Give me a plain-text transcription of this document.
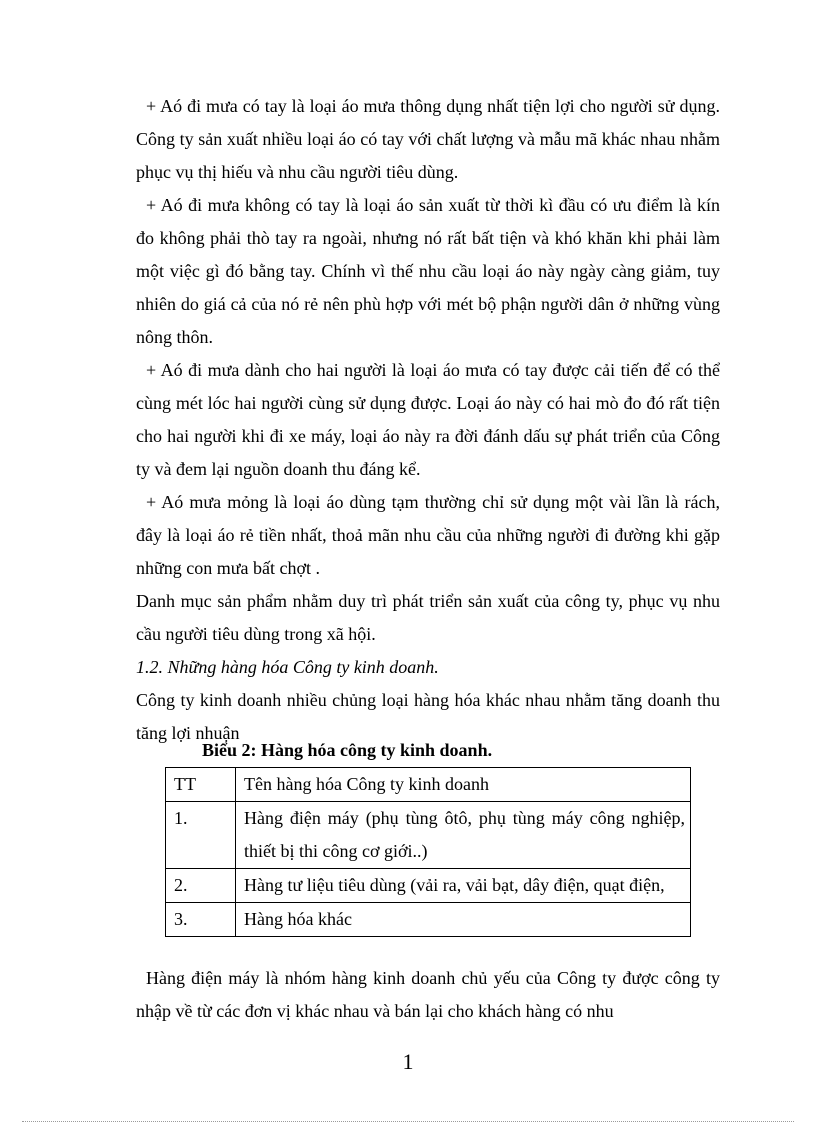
+ Aó đi mưa có tay là loại áo mưa thông dụng nhất tiện lợi cho người sử dụng. Công ty sản xuất nhiều loại áo có tay với chất lượng và mẫu mã khác nhau nhằm phục vụ thị hiếu và nhu cầu người tiêu dùng.

+ Aó đi mưa không có tay là loại áo sản xuất từ thời kì đầu có ưu điểm là kín đo không phải thò tay ra ngoài, nhưng nó rất bất tiện và khó khăn khi phải làm một việc gì đó bằng tay. Chính vì thế nhu cầu loại áo này ngày càng giảm, tuy nhiên do giá cả của nó rẻ nên phù hợp với mét bộ phận người dân ở những vùng nông thôn.

+ Aó đi mưa dành cho hai người là loại áo mưa có tay được cải tiến để có thể cùng mét lóc hai người cùng sử dụng được. Loại áo này có hai mò đo đó rất tiện cho hai người khi đi xe máy, loại áo này ra đời đánh dấu sự phát triển của Công ty và đem lại nguồn doanh thu đáng kể.

+ Aó mưa mỏng là loại áo dùng tạm thường chỉ sử dụng một vài lần là rách, đây là loại áo rẻ tiền nhất, thoả mãn nhu cầu của những người đi đường khi gặp những con mưa bất chợt .

Danh mục sản phẩm nhằm duy trì phát triển sản xuất của công ty, phục vụ nhu cầu người tiêu dùng trong xã hội.

1.2. Những hàng hóa Công ty kinh doanh.

Công ty kinh doanh nhiều chủng loại hàng hóa khác nhau nhằm tăng doanh thu tăng lợi nhuận

Biểu 2: Hàng hóa công ty kinh doanh.
TT	Tên hàng hóa Công ty kinh doanh
1.	Hàng điện máy (phụ tùng ôtô, phụ tùng máy công nghiệp, thiết bị thi công cơ giới..)
2.	Hàng tư liệu tiêu dùng (vải ra, vải bạt, dây điện, quạt điện,
3.	Hàng hóa khác

Hàng điện máy là nhóm hàng kinh doanh chủ yếu của Công ty được công ty nhập về từ các đơn vị khác nhau và bán lại cho khách hàng có nhu

1
